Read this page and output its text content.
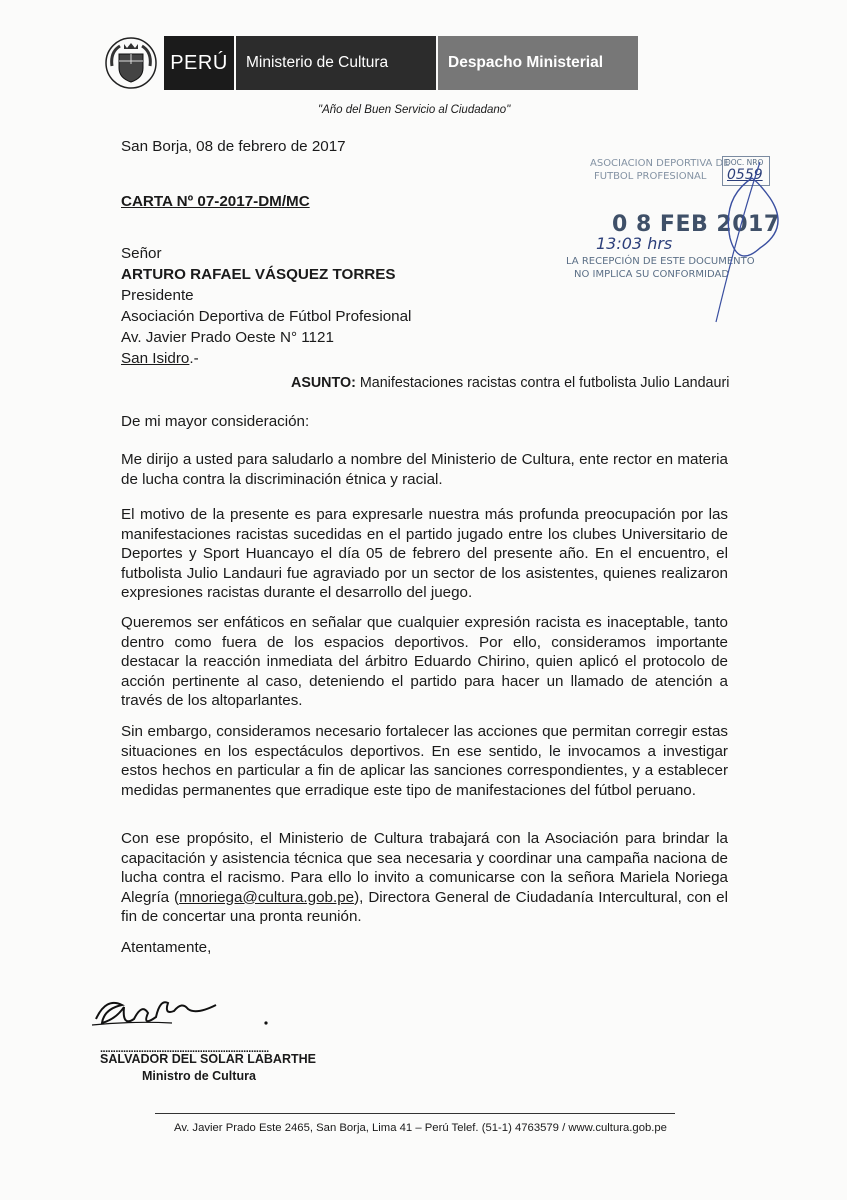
PERÚ	Ministerio de Cultura	Despacho Ministerial
"Año del Buen Servicio al Ciudadano"
San Borja, 08 de febrero de 2017
CARTA Nº 07-2017-DM/MC
Señor
ARTURO RAFAEL VÁSQUEZ TORRES
Presidente
Asociación Deportiva de Fútbol Profesional
Av. Javier Prado Oeste N° 1121
San Isidro.-
ASUNTO: Manifestaciones racistas contra el futbolista Julio Landauri
De mi mayor consideración:
Me dirijo a usted para saludarlo a nombre del Ministerio de Cultura, ente rector en materia de lucha contra la discriminación étnica y racial.
El motivo de la presente es para expresarle nuestra más profunda preocupación por las manifestaciones racistas sucedidas en el partido jugado entre los clubes Universitario de Deportes y Sport Huancayo el día 05 de febrero del presente año. En el encuentro, el futbolista Julio Landauri fue agraviado por un sector de los asistentes, quienes realizaron expresiones racistas durante el desarrollo del juego.
Queremos ser enfáticos en señalar que cualquier expresión racista es inaceptable, tanto dentro como fuera de los espacios deportivos. Por ello, consideramos importante destacar la reacción inmediata del árbitro Eduardo Chirino, quien aplicó el protocolo de acción pertinente al caso, deteniendo el partido para hacer un llamado de atención a través de los altoparlantes.
Sin embargo, consideramos necesario fortalecer las acciones que permitan corregir estas situaciones en los espectáculos deportivos. En ese sentido, le invocamos a investigar estos hechos en particular a fin de aplicar las sanciones correspondientes, y a establecer medidas permanentes que erradique este tipo de manifestaciones del fútbol peruano.
Con ese propósito, el Ministerio de Cultura trabajará con la Asociación para brindar la capacitación y asistencia técnica que sea necesaria y coordinar una campaña naciona de lucha contra el racismo. Para ello lo invito a comunicarse con la señora Mariela Noriega Alegría (mnoriega@cultura.gob.pe), Directora General de Ciudadanía Intercultural, con el fin de concertar una pronta reunión.
Atentamente,
..................................................................
SALVADOR DEL SOLAR LABARTHE
Ministro de Cultura
Av. Javier Prado Este 2465, San Borja, Lima 41 – Perú Telef. (51-1) 4763579 / www.cultura.gob.pe
ASOCIACION DEPORTIVA DE
FUTBOL PROFESIONAL
DOC. NRO
0559
0 8 FEB 2017
13:03 hrs
LA RECEPCIÓN DE ESTE DOCUMENTO
NO IMPLICA SU CONFORMIDAD
